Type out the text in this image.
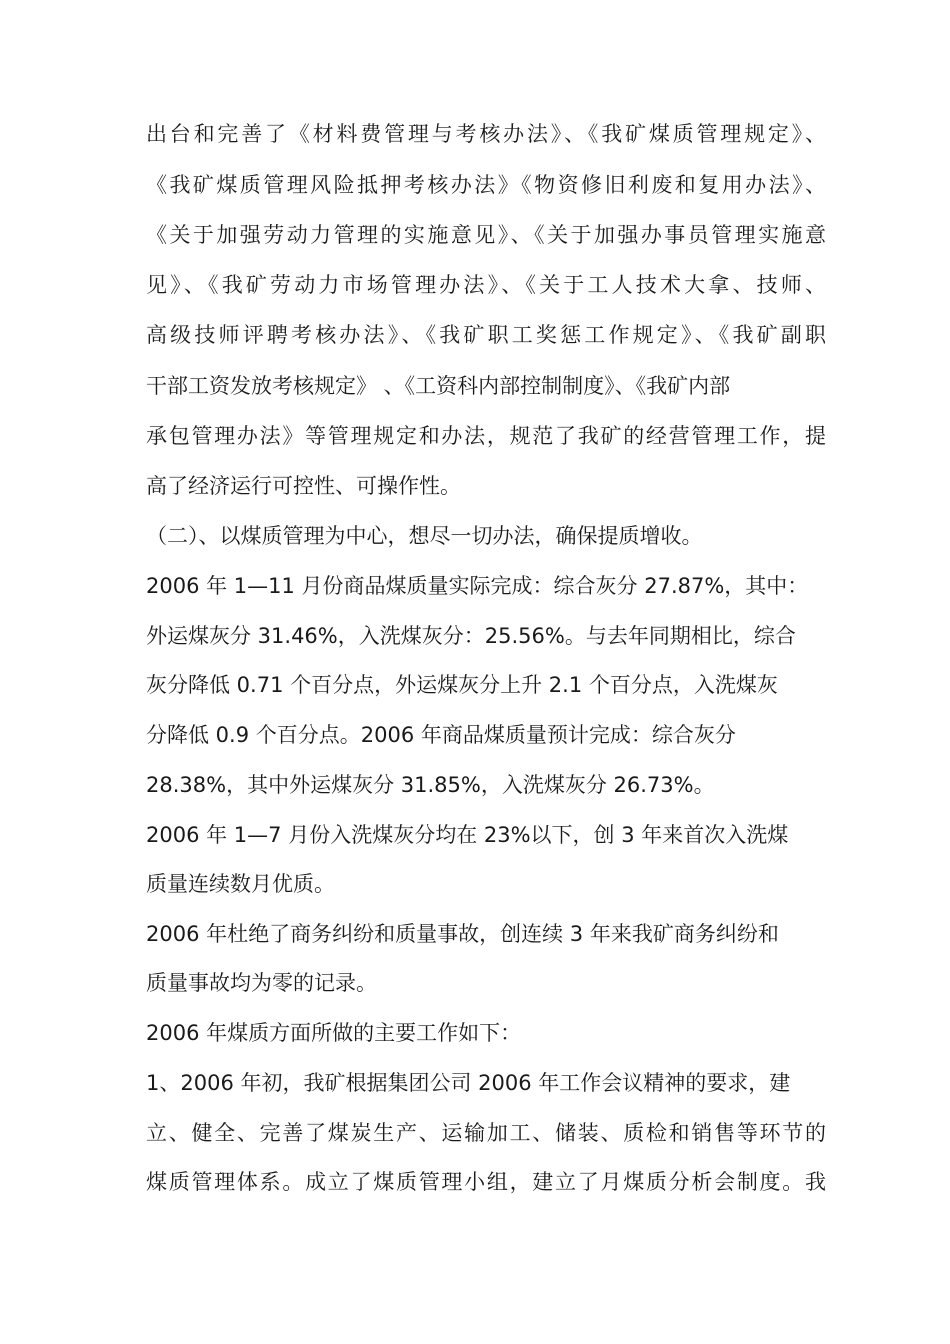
出台和完善了《材料费管理与考核办法》、《我矿煤质管理规定》、
《我矿煤质管理风险抵押考核办法》《物资修旧利废和复用办法》、
《关于加强劳动力管理的实施意见》、《关于加强办事员管理实施意
见》、《我矿劳动力市场管理办法》、《关于工人技术大拿、技师、
高级技师评聘考核办法》、《我矿职工奖惩工作规定》、《我矿副职
干部工资发放考核规定》 、《工资科内部控制制度》、《我矿内部
承包管理办法》等管理规定和办法，规范了我矿的经营管理工作，提
高了经济运行可控性、可操作性。
（二）、以煤质管理为中心，想尽一切办法，确保提质增收。
2006 年 1—11 月份商品煤质量实际完成：综合灰分 27.87%，其中：
外运煤灰分 31.46%，入洗煤灰分：25.56%。与去年同期相比，综合
灰分降低 0.71 个百分点，外运煤灰分上升 2.1 个百分点，入洗煤灰
分降低 0.9 个百分点。2006 年商品煤质量预计完成：综合灰分
28.38%，其中外运煤灰分 31.85%，入洗煤灰分 26.73%。
2006 年 1—7 月份入洗煤灰分均在 23%以下，创 3 年来首次入洗煤
质量连续数月优质。
2006 年杜绝了商务纠纷和质量事故，创连续 3 年来我矿商务纠纷和
质量事故均为零的记录。
2006 年煤质方面所做的主要工作如下：
1、2006 年初，我矿根据集团公司 2006 年工作会议精神的要求，建
立、健全、完善了煤炭生产、运输加工、储装、质检和销售等环节的
煤质管理体系。成立了煤质管理小组，建立了月煤质分析会制度。我
